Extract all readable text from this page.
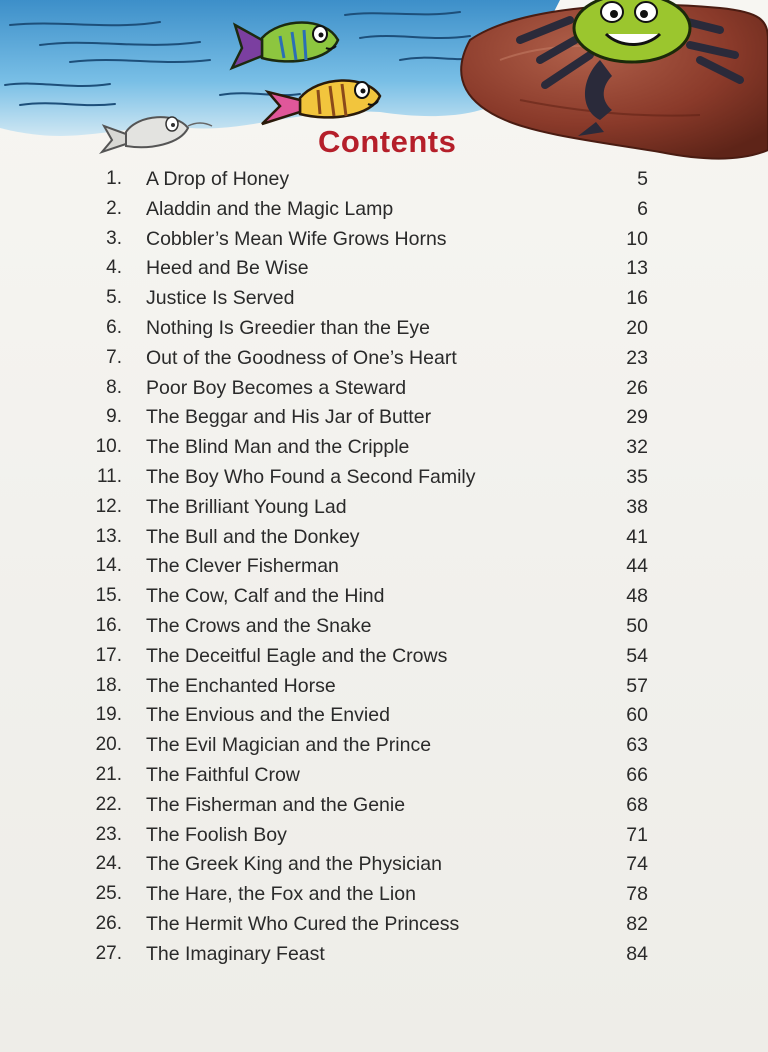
Contents
1. A Drop of Honey	5
2. Aladdin and the Magic Lamp	6
3. Cobbler’s Mean Wife Grows Horns	10
4. Heed and Be Wise	13
5. Justice Is Served	16
6. Nothing Is Greedier than the Eye	20
7. Out of the Goodness of One’s Heart	23
8. Poor Boy Becomes a Steward	26
9. The Beggar and His Jar of Butter	29
10. The Blind Man and the Cripple	32
11. The Boy Who Found a Second Family	35
12. The Brilliant Young Lad	38
13. The Bull and the Donkey	41
14. The Clever Fisherman	44
15. The Cow, Calf and the Hind	48
16. The Crows and the Snake	50
17. The Deceitful Eagle and the Crows	54
18. The Enchanted Horse	57
19. The Envious and the Envied	60
20. The Evil Magician and the Prince	63
21. The Faithful Crow	66
22. The Fisherman and the Genie	68
23. The Foolish Boy	71
24. The Greek King and the Physician	74
25. The Hare, the Fox and the Lion	78
26. The Hermit Who Cured the Princess	82
27. The Imaginary Feast	84
